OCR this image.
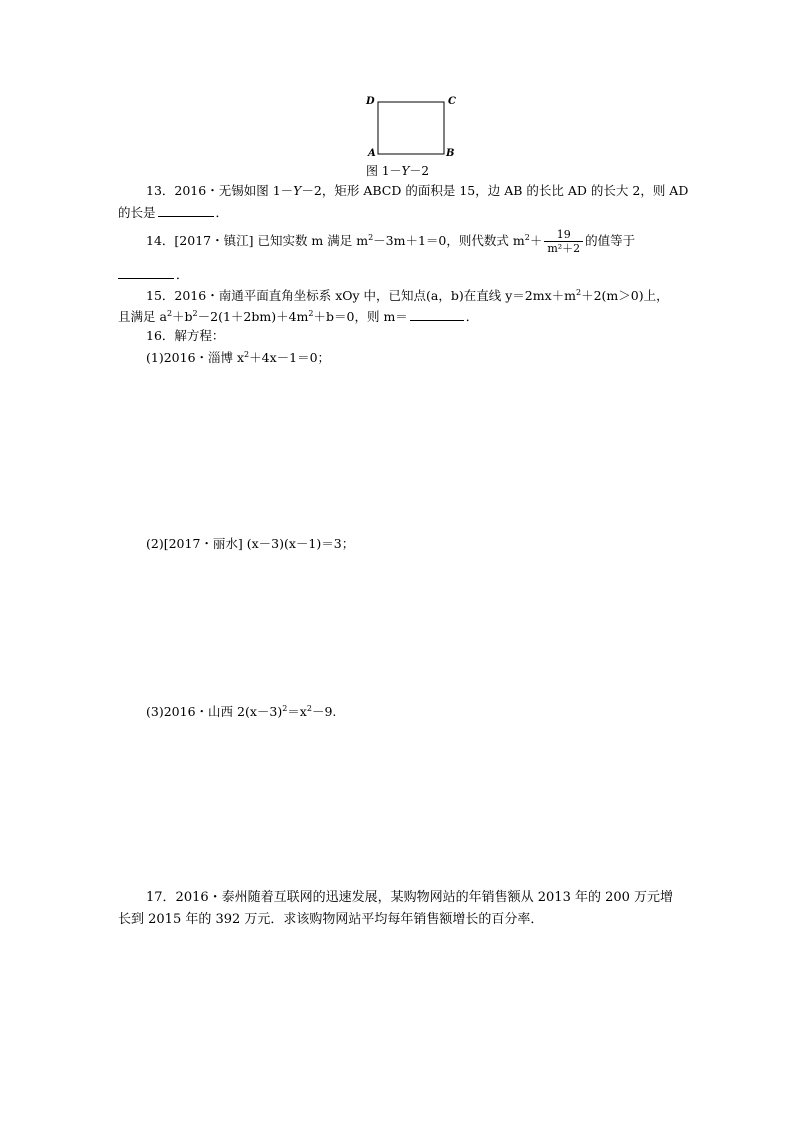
D	C
A	B
图 1－Y－2
13．2016・无锡如图 1－Y－2，矩形 ABCD 的面积是 15，边 AB 的长比 AD 的长大 2，则 AD
的长是	．
14．[2017・镇江] 已知实数 m 满足 $m^2-3m+1=0$，则代数式 $m^2+ \frac{19}{\text{m²＋2}}$ 的值等于
．
15．2016・南通平面直角坐标系 xOy 中，已知点(a，b)在直线 $y=2mx+m^2+2(m>0)$上，
且满足 $a^2+b^2-2(1+2bm)+4m^2+b=0$，则 m＝	．
16．解方程：
(1)2016・淄博 $x^2+4x-1=0$；
(2)[2017・丽水] (x－3)(x－1)＝3；
(3)2016・山西 $2(x-3)^2=x^2-9$.
17．2016・泰州随着互联网的迅速发展，某购物网站的年销售额从 2013 年的 200 万元增
长到 2015 年的 392 万元．求该购物网站平均每年销售额增长的百分率．
